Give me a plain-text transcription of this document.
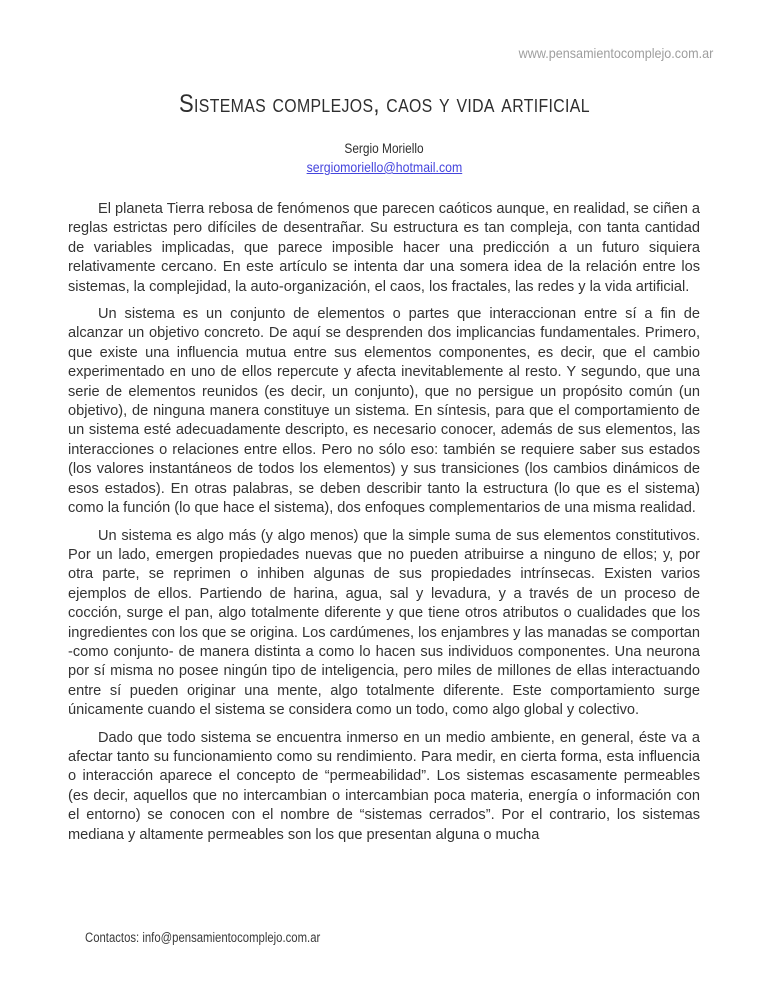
www.pensamientocomplejo.com.ar
Sistemas complejos, caos y vida artificial
Sergio Moriello
sergiomoriello@hotmail.com

El planeta Tierra rebosa de fenómenos que parecen caóticos aunque, en realidad, se ciñen a reglas estrictas pero difíciles de desentrañar. Su estructura es tan compleja, con tanta cantidad de variables implicadas, que parece imposible hacer una predicción a un futuro siquiera relativamente cercano. En este artículo se intenta dar una somera idea de la relación entre los sistemas, la complejidad, la auto-organización, el caos, los fractales, las redes y la vida artificial.

Un sistema es un conjunto de elementos o partes que interaccionan entre sí a fin de alcanzar un objetivo concreto. De aquí se desprenden dos implicancias fundamentales. Primero, que existe una influencia mutua entre sus elementos componentes, es decir, que el cambio experimentado en uno de ellos repercute y afecta inevitablemente al resto. Y segundo, que una serie de elementos reunidos (es decir, un conjunto), que no persigue un propósito común (un objetivo), de ninguna manera constituye un sistema. En síntesis, para que el comportamiento de un sistema esté adecuadamente descripto, es necesario conocer, además de sus elementos, las interacciones o relaciones entre ellos. Pero no sólo eso: también se requiere saber sus estados (los valores instantáneos de todos los elementos) y sus transiciones (los cambios dinámicos de esos estados). En otras palabras, se deben describir tanto la estructura (lo que es el sistema) como la función (lo que hace el sistema), dos enfoques complementarios de una misma realidad.

Un sistema es algo más (y algo menos) que la simple suma de sus elementos constitutivos. Por un lado, emergen propiedades nuevas que no pueden atribuirse a ninguno de ellos; y, por otra parte, se reprimen o inhiben algunas de sus propiedades intrínsecas. Existen varios ejemplos de ellos. Partiendo de harina, agua, sal y levadura, y a través de un proceso de cocción, surge el pan, algo totalmente diferente y que tiene otros atributos o cualidades que los ingredientes con los que se origina. Los cardúmenes, los enjambres y las manadas se comportan -como conjunto- de manera distinta a como lo hacen sus individuos componentes. Una neurona por sí misma no posee ningún tipo de inteligencia, pero miles de millones de ellas interactuando entre sí pueden originar una mente, algo totalmente diferente. Este comportamiento surge únicamente cuando el sistema se considera como un todo, como algo global y colectivo.

Dado que todo sistema se encuentra inmerso en un medio ambiente, en general, éste va a afectar tanto su funcionamiento como su rendimiento. Para medir, en cierta forma, esta influencia o interacción aparece el concepto de “permeabilidad”. Los sistemas escasamente permeables (es decir, aquellos que no intercambian o intercambian poca materia, energía o información con el entorno) se conocen con el nombre de “sistemas cerrados”. Por el contrario, los sistemas mediana y altamente permeables son los que presentan alguna o mucha

Contactos: info@pensamientocomplejo.com.ar
